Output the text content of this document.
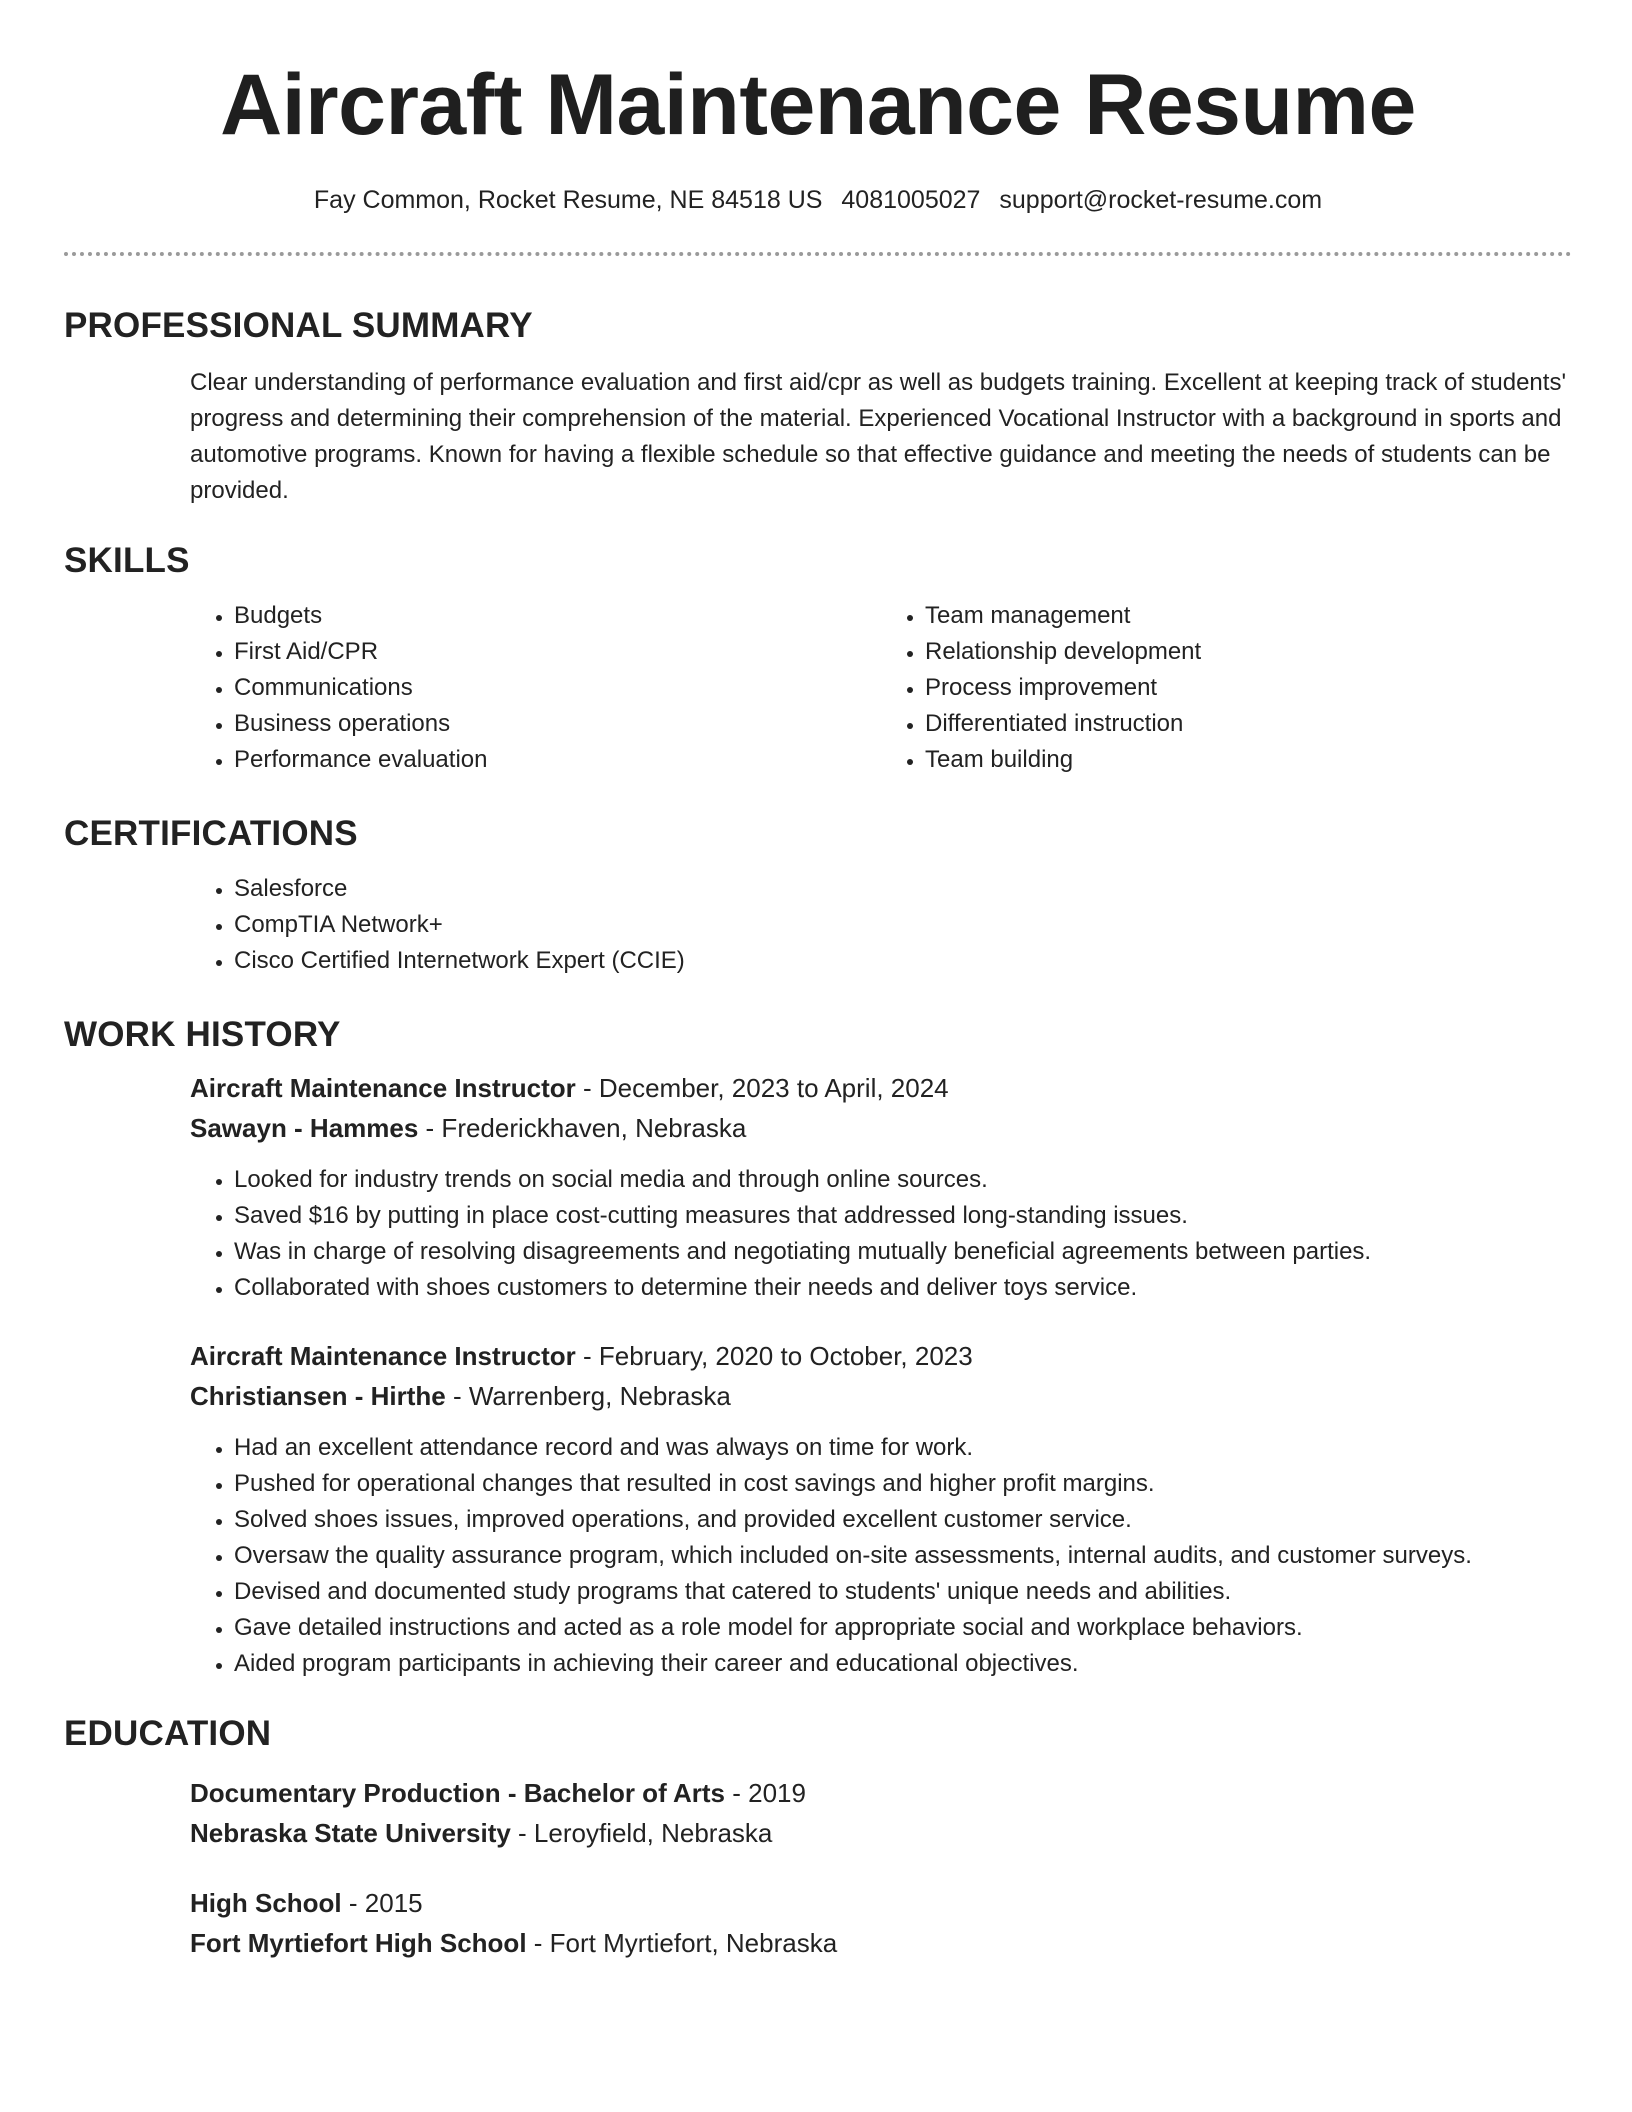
Aircraft Maintenance Resume
Fay Common, Rocket Resume, NE 84518 US 4081005027 support@rocket-resume.com
PROFESSIONAL SUMMARY

Clear understanding of performance evaluation and first aid/cpr as well as budgets training. Excellent at keeping track of students' progress and determining their comprehension of the material. Experienced Vocational Instructor with a background in sports and automotive programs. Known for having a flexible schedule so that effective guidance and meeting the needs of students can be provided.

SKILLS
• Budgets
• First Aid/CPR
• Communications
• Business operations
• Performance evaluation
• Team management
• Relationship development
• Process improvement
• Differentiated instruction
• Team building
CERTIFICATIONS
• Salesforce
• CompTIA Network+
• Cisco Certified Internetwork Expert (CCIE)
WORK HISTORY
Aircraft Maintenance Instructor - December, 2023 to April, 2024
Sawayn - Hammes - Frederickhaven, Nebraska
• Looked for industry trends on social media and through online sources.
• Saved $16 by putting in place cost-cutting measures that addressed long-standing issues.
• Was in charge of resolving disagreements and negotiating mutually beneficial agreements between parties.
• Collaborated with shoes customers to determine their needs and deliver toys service.
Aircraft Maintenance Instructor - February, 2020 to October, 2023
Christiansen - Hirthe - Warrenberg, Nebraska
• Had an excellent attendance record and was always on time for work.
• Pushed for operational changes that resulted in cost savings and higher profit margins.
• Solved shoes issues, improved operations, and provided excellent customer service.
• Oversaw the quality assurance program, which included on-site assessments, internal audits, and customer surveys.
• Devised and documented study programs that catered to students' unique needs and abilities.
• Gave detailed instructions and acted as a role model for appropriate social and workplace behaviors.
• Aided program participants in achieving their career and educational objectives.
EDUCATION
Documentary Production - Bachelor of Arts - 2019
Nebraska State University - Leroyfield, Nebraska
High School - 2015
Fort Myrtiefort High School - Fort Myrtiefort, Nebraska
